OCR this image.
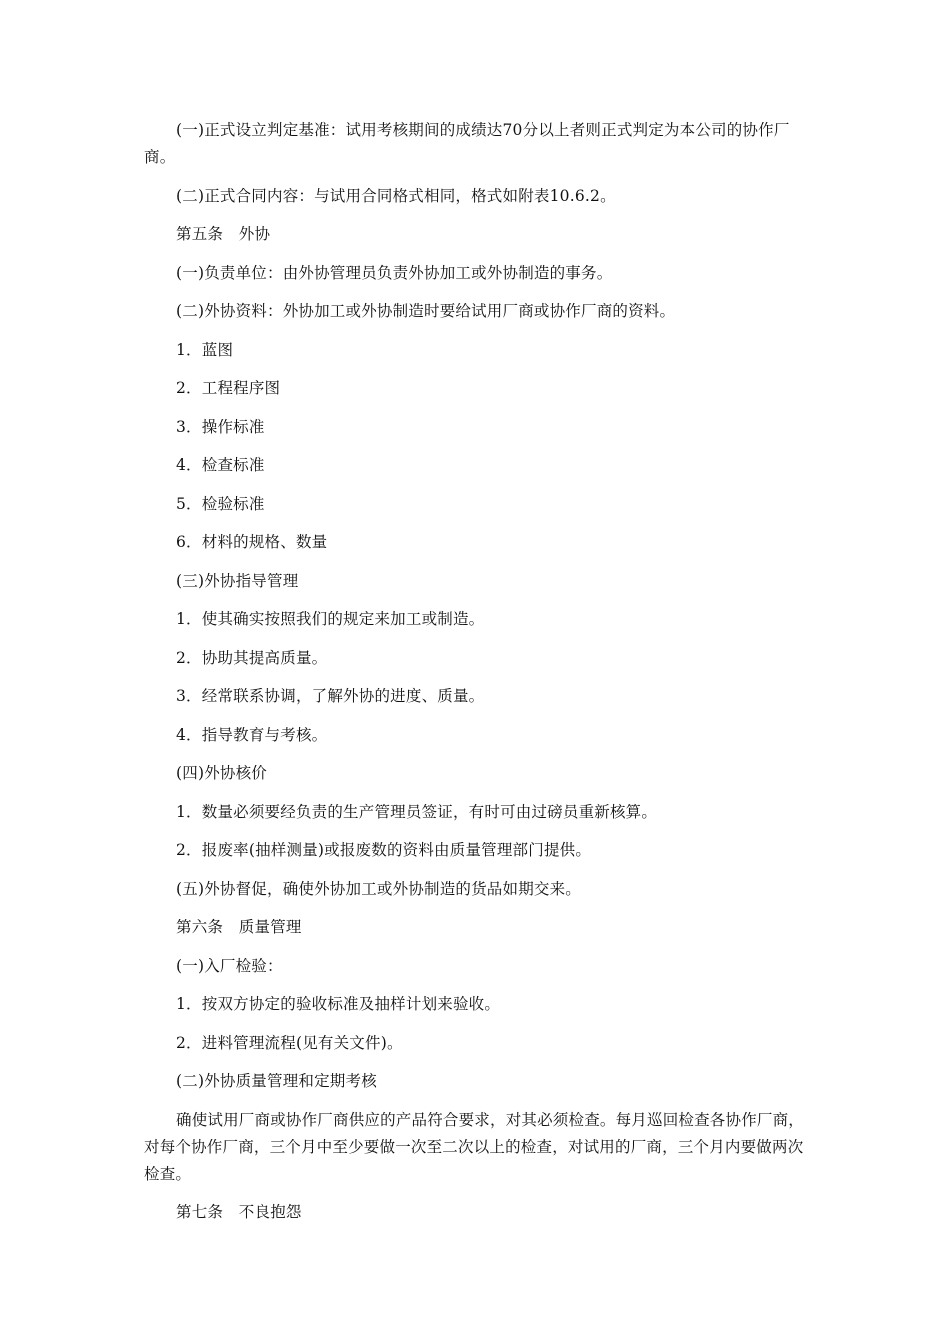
(一)正式设立判定基准：试用考核期间的成绩达70分以上者则正式判定为本公司的协作厂商。

(二)正式合同内容：与试用合同格式相同，格式如附表10.6.2。

第五条　外协

(一)负责单位：由外协管理员负责外协加工或外协制造的事务。

(二)外协资料：外协加工或外协制造时要给试用厂商或协作厂商的资料。

1．蓝图

2．工程程序图

3．操作标准

4．检查标准

5．检验标准

6．材料的规格、数量

(三)外协指导管理

1．使其确实按照我们的规定来加工或制造。

2．协助其提高质量。

3．经常联系协调，了解外协的进度、质量。

4．指导教育与考核。

(四)外协核价

1．数量必须要经负责的生产管理员签证，有时可由过磅员重新核算。

2．报废率(抽样测量)或报废数的资料由质量管理部门提供。

(五)外协督促，确使外协加工或外协制造的货品如期交来。

第六条　质量管理

(一)入厂检验：

1．按双方协定的验收标准及抽样计划来验收。

2．进料管理流程(见有关文件)。

(二)外协质量管理和定期考核

确使试用厂商或协作厂商供应的产品符合要求，对其必须检查。每月巡回检查各协作厂商，对每个协作厂商，三个月中至少要做一次至二次以上的检查，对试用的厂商，三个月内要做两次检查。

第七条　不良抱怨
